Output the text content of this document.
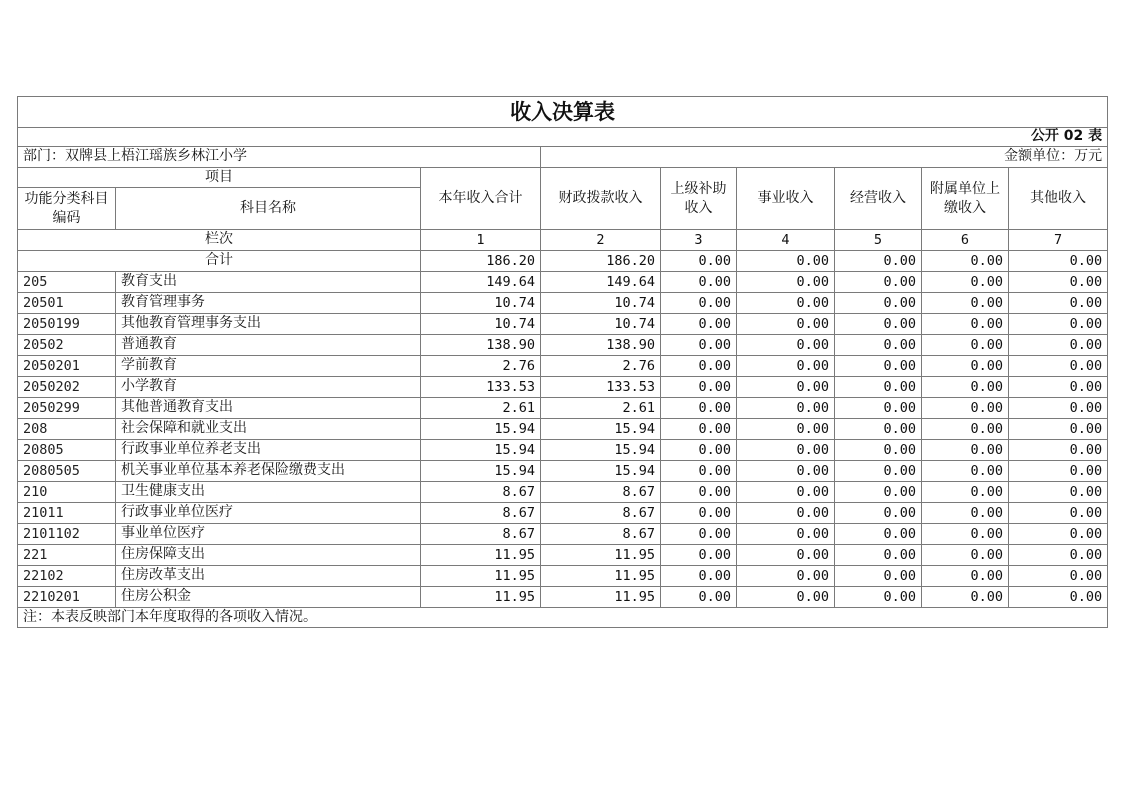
收入决算表								
公开 02 表								
部门：双牌县上梧江瑶族乡林江小学			金额单位：万元					
项目		本年收入合计	财政拨款收入	上级补助收入	事业收入	经营收入	附属单位上缴收入	其他收入
功能分类科目编码	科目名称							
栏次		1	2	3	4	5	6	7
合计		186.20	186.20	0.00	0.00	0.00	0.00	0.00
205	教育支出	149.64	149.64	0.00	0.00	0.00	0.00	0.00
20501	教育管理事务	10.74	10.74	0.00	0.00	0.00	0.00	0.00
2050199	其他教育管理事务支出	10.74	10.74	0.00	0.00	0.00	0.00	0.00
20502	普通教育	138.90	138.90	0.00	0.00	0.00	0.00	0.00
2050201	学前教育	2.76	2.76	0.00	0.00	0.00	0.00	0.00
2050202	小学教育	133.53	133.53	0.00	0.00	0.00	0.00	0.00
2050299	其他普通教育支出	2.61	2.61	0.00	0.00	0.00	0.00	0.00
208	社会保障和就业支出	15.94	15.94	0.00	0.00	0.00	0.00	0.00
20805	行政事业单位养老支出	15.94	15.94	0.00	0.00	0.00	0.00	0.00
2080505	机关事业单位基本养老保险缴费支出	15.94	15.94	0.00	0.00	0.00	0.00	0.00
210	卫生健康支出	8.67	8.67	0.00	0.00	0.00	0.00	0.00
21011	行政事业单位医疗	8.67	8.67	0.00	0.00	0.00	0.00	0.00
2101102	事业单位医疗	8.67	8.67	0.00	0.00	0.00	0.00	0.00
221	住房保障支出	11.95	11.95	0.00	0.00	0.00	0.00	0.00
22102	住房改革支出	11.95	11.95	0.00	0.00	0.00	0.00	0.00
2210201	住房公积金	11.95	11.95	0.00	0.00	0.00	0.00	0.00
注：本表反映部门本年度取得的各项收入情况。								
